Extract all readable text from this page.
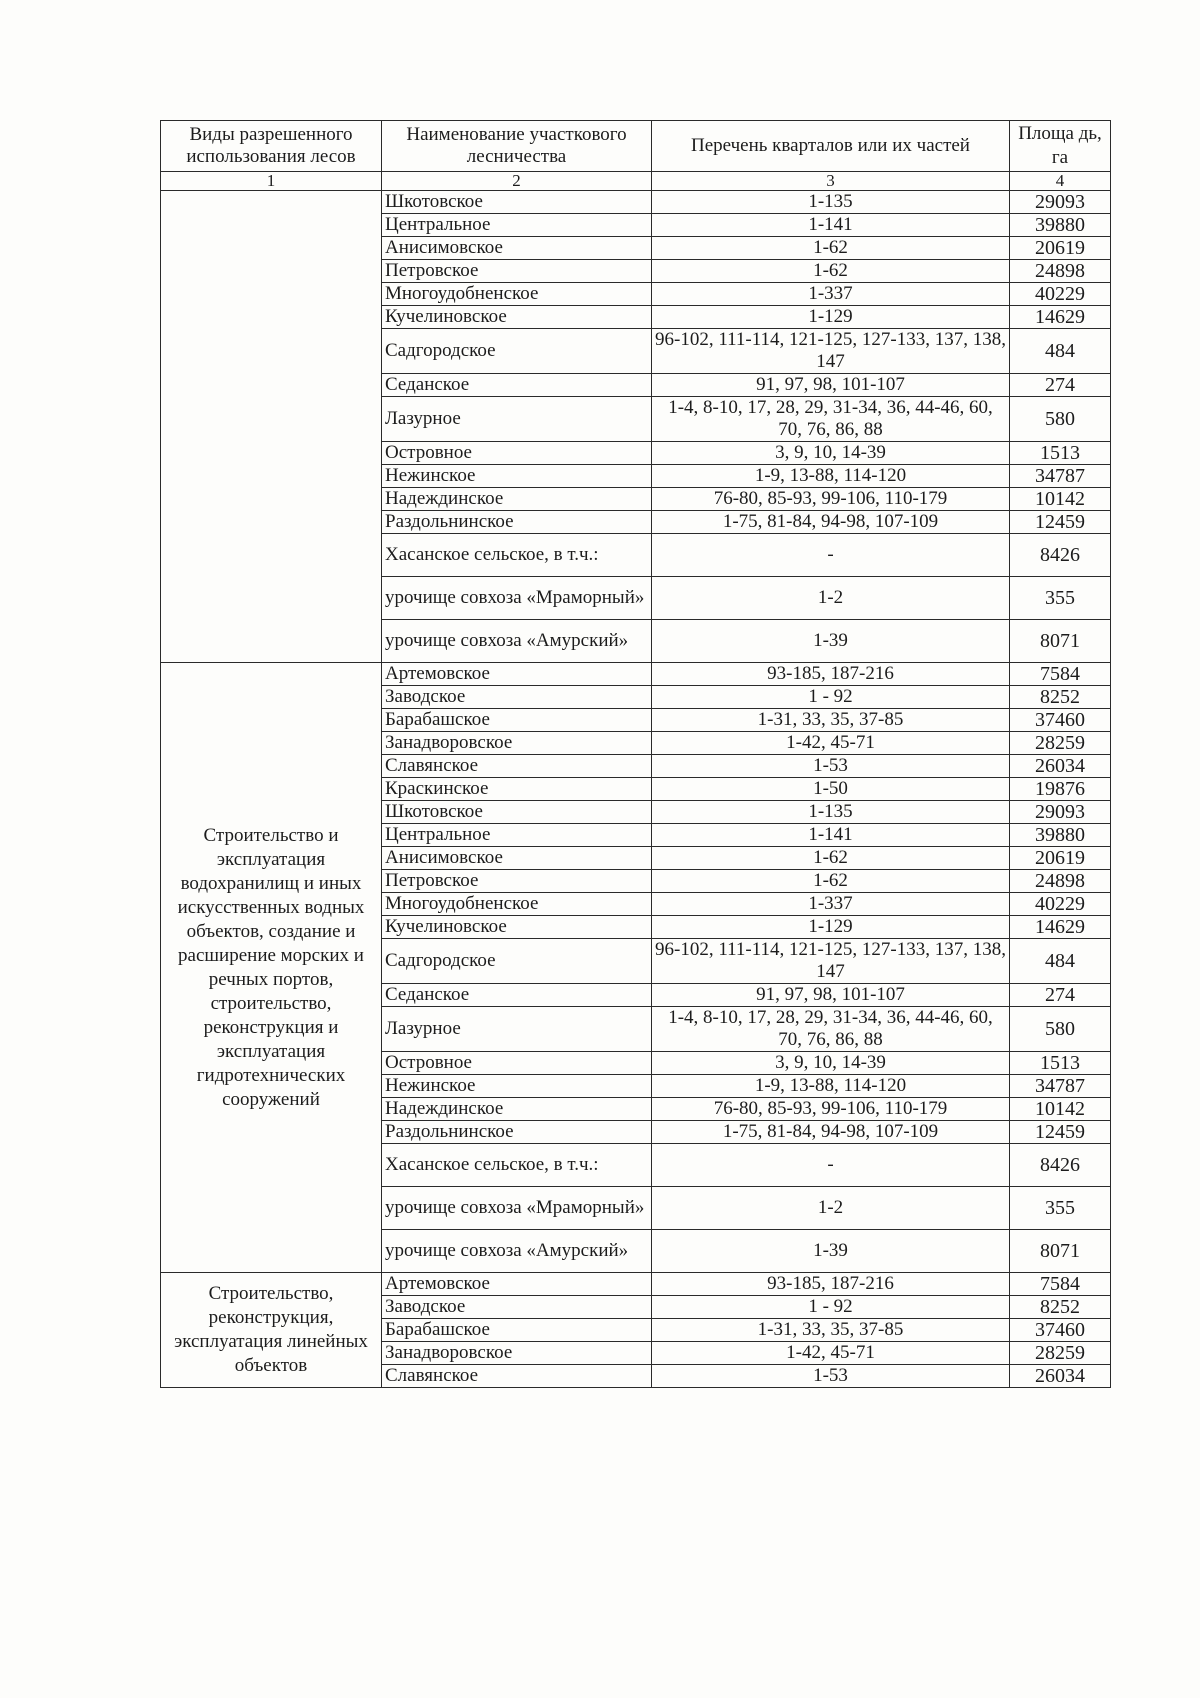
Виды разрешенного использования лесов	Наименование участкового лесничества	Перечень кварталов или их частей	Площа дь, га
1	2	3	4
	Шкотовское	1-135	29093
	Центральное	1-141	39880
	Анисимовское	1-62	20619
	Петровское	1-62	24898
	Многоудобненское	1-337	40229
	Кучелиновское	1-129	14629
	Садгородское	96-102, 111-114, 121-125, 127-133, 137, 138, 147	484
	Седанское	91, 97, 98, 101-107	274
	Лазурное	1-4, 8-10, 17, 28, 29, 31-34, 36, 44-46, 60, 70, 76, 86, 88	580
	Островное	3, 9, 10, 14-39	1513
	Нежинское	1-9, 13-88, 114-120	34787
	Надеждинское	76-80, 85-93, 99-106, 110-179	10142
	Раздольнинское	1-75, 81-84, 94-98, 107-109	12459
	Хасанское сельское, в т.ч.:	-	8426
	урочище совхоза «Мраморный»	1-2	355
	урочище совхоза «Амурский»	1-39	8071
Строительство и эксплуатация водохранилищ и иных искусственных водных объектов, создание и расширение морских и речных портов, строительство, реконструкция и эксплуатация гидротехнических сооружений	Артемовское	93-185, 187-216	7584
	Заводское	1 - 92	8252
	Барабашское	1-31, 33, 35, 37-85	37460
	Занадворовское	1-42, 45-71	28259
	Славянское	1-53	26034
	Краскинское	1-50	19876
	Шкотовское	1-135	29093
	Центральное	1-141	39880
	Анисимовское	1-62	20619
	Петровское	1-62	24898
	Многоудобненское	1-337	40229
	Кучелиновское	1-129	14629
	Садгородское	96-102, 111-114, 121-125, 127-133, 137, 138, 147	484
	Седанское	91, 97, 98, 101-107	274
	Лазурное	1-4, 8-10, 17, 28, 29, 31-34, 36, 44-46, 60, 70, 76, 86, 88	580
	Островное	3, 9, 10, 14-39	1513
	Нежинское	1-9, 13-88, 114-120	34787
	Надеждинское	76-80, 85-93, 99-106, 110-179	10142
	Раздольнинское	1-75, 81-84, 94-98, 107-109	12459
	Хасанское сельское, в т.ч.:	-	8426
	урочище совхоза «Мраморный»	1-2	355
	урочище совхоза «Амурский»	1-39	8071
Строительство, реконструкция, эксплуатация линейных объектов	Артемовское	93-185, 187-216	7584
	Заводское	1 - 92	8252
	Барабашское	1-31, 33, 35, 37-85	37460
	Занадворовское	1-42, 45-71	28259
	Славянское	1-53	26034
